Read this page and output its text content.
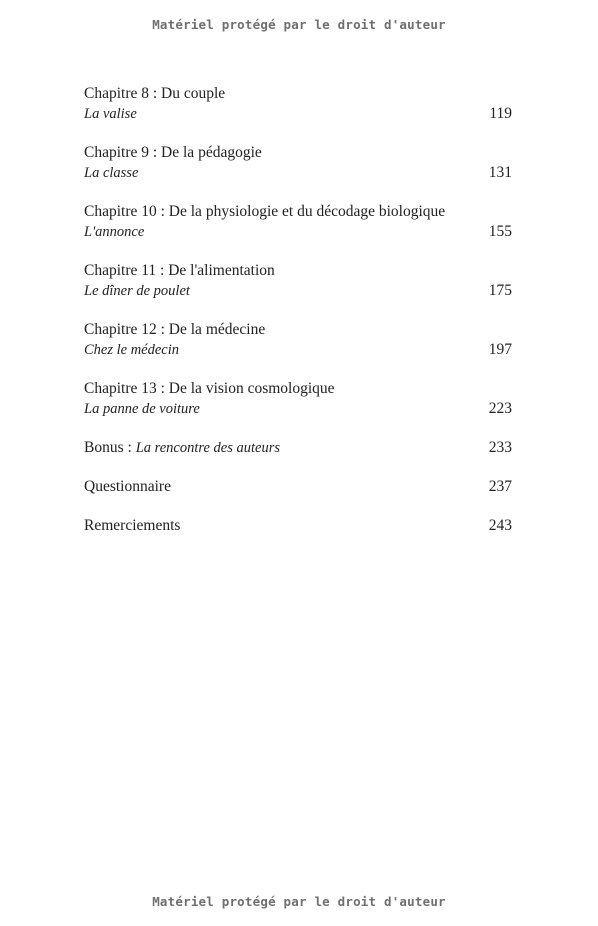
Matériel protégé par le droit d'auteur
Chapitre 8 : Du couple
La valise	119
Chapitre 9 : De la pédagogie
La classe	131
Chapitre 10 : De la physiologie et du décodage biologique
L'annonce	155
Chapitre 11 : De l'alimentation
Le dîner de poulet	175
Chapitre 12 : De la médecine
Chez le médecin	197
Chapitre 13 : De la vision cosmologique
La panne de voiture	223
Bonus : La rencontre des auteurs	233
Questionnaire	237
Remerciements	243
Matériel protégé par le droit d'auteur
